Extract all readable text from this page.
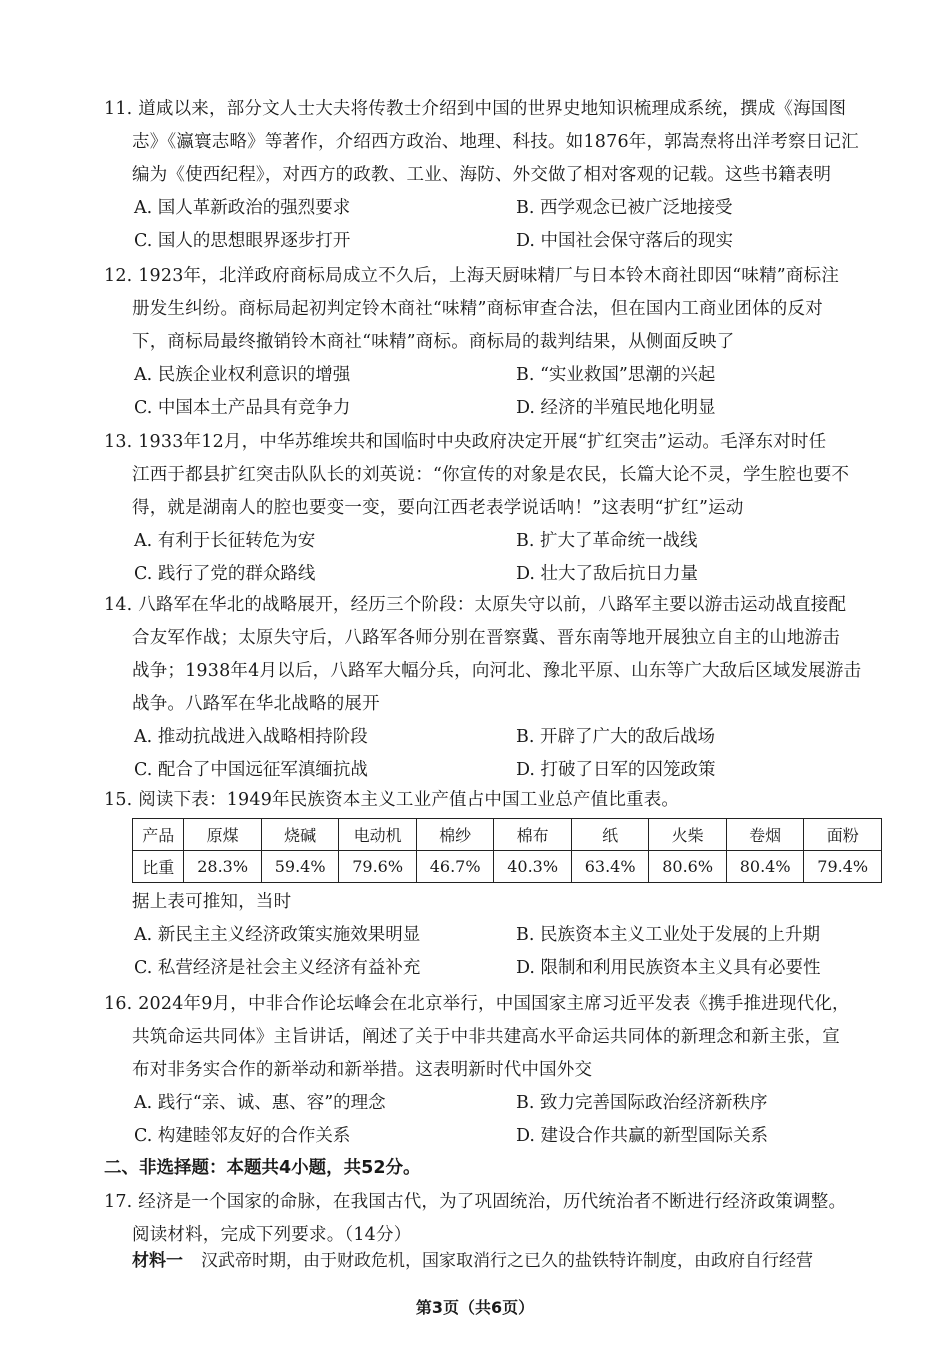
11. 道咸以来，部分文人士大夫将传教士介绍到中国的世界史地知识梳理成系统，撰成《海国图
志》《瀛寰志略》等著作，介绍西方政治、地理、科技。如1876年，郭嵩焘将出洋考察日记汇
编为《使西纪程》，对西方的政教、工业、海防、外交做了相对客观的记载。这些书籍表明
A. 国人革新政治的强烈要求	B. 西学观念已被广泛地接受
C. 国人的思想眼界逐步打开	D. 中国社会保守落后的现实
12. 1923年，北洋政府商标局成立不久后，上海天厨味精厂与日本铃木商社即因“味精”商标注
册发生纠纷。商标局起初判定铃木商社“味精”商标审查合法，但在国内工商业团体的反对
下，商标局最终撤销铃木商社“味精”商标。商标局的裁判结果，从侧面反映了
A. 民族企业权利意识的增强	B. “实业救国”思潮的兴起
C. 中国本土产品具有竞争力	D. 经济的半殖民地化明显
13. 1933年12月，中华苏维埃共和国临时中央政府决定开展“扩红突击”运动。毛泽东对时任
江西于都县扩红突击队队长的刘英说：“你宣传的对象是农民，长篇大论不灵，学生腔也要不
得，就是湖南人的腔也要变一变，要向江西老表学说话呐！”这表明“扩红”运动
A. 有利于长征转危为安	B. 扩大了革命统一战线
C. 践行了党的群众路线	D. 壮大了敌后抗日力量
14. 八路军在华北的战略展开，经历三个阶段：太原失守以前，八路军主要以游击运动战直接配
合友军作战；太原失守后，八路军各师分别在晋察冀、晋东南等地开展独立自主的山地游击
战争；1938年4月以后，八路军大幅分兵，向河北、豫北平原、山东等广大敌后区域发展游击
战争。八路军在华北战略的展开
A. 推动抗战进入战略相持阶段	B. 开辟了广大的敌后战场
C. 配合了中国远征军滇缅抗战	D. 打破了日军的囚笼政策
15. 阅读下表：1949年民族资本主义工业产值占中国工业总产值比重表。
产品	原煤	烧碱	电动机	棉纱	棉布	纸	火柴	卷烟	面粉
比重	28.3%	59.4%	79.6%	46.7%	40.3%	63.4%	80.6%	80.4%	79.4%
据上表可推知，当时
A. 新民主主义经济政策实施效果明显	B. 民族资本主义工业处于发展的上升期
C. 私营经济是社会主义经济有益补充	D. 限制和利用民族资本主义具有必要性
16. 2024年9月，中非合作论坛峰会在北京举行，中国国家主席习近平发表《携手推进现代化，
共筑命运共同体》主旨讲话，阐述了关于中非共建高水平命运共同体的新理念和新主张，宣
布对非务实合作的新举动和新举措。这表明新时代中国外交
A. 践行“亲、诚、惠、容”的理念	B. 致力完善国际政治经济新秩序
C. 构建睦邻友好的合作关系	D. 建设合作共赢的新型国际关系
二、非选择题：本题共4小题，共52分。
17. 经济是一个国家的命脉，在我国古代，为了巩固统治，历代统治者不断进行经济政策调整。
阅读材料，完成下列要求。（14分）
材料一 汉武帝时期，由于财政危机，国家取消行之已久的盐铁特许制度，由政府自行经营
第3页（共6页）
